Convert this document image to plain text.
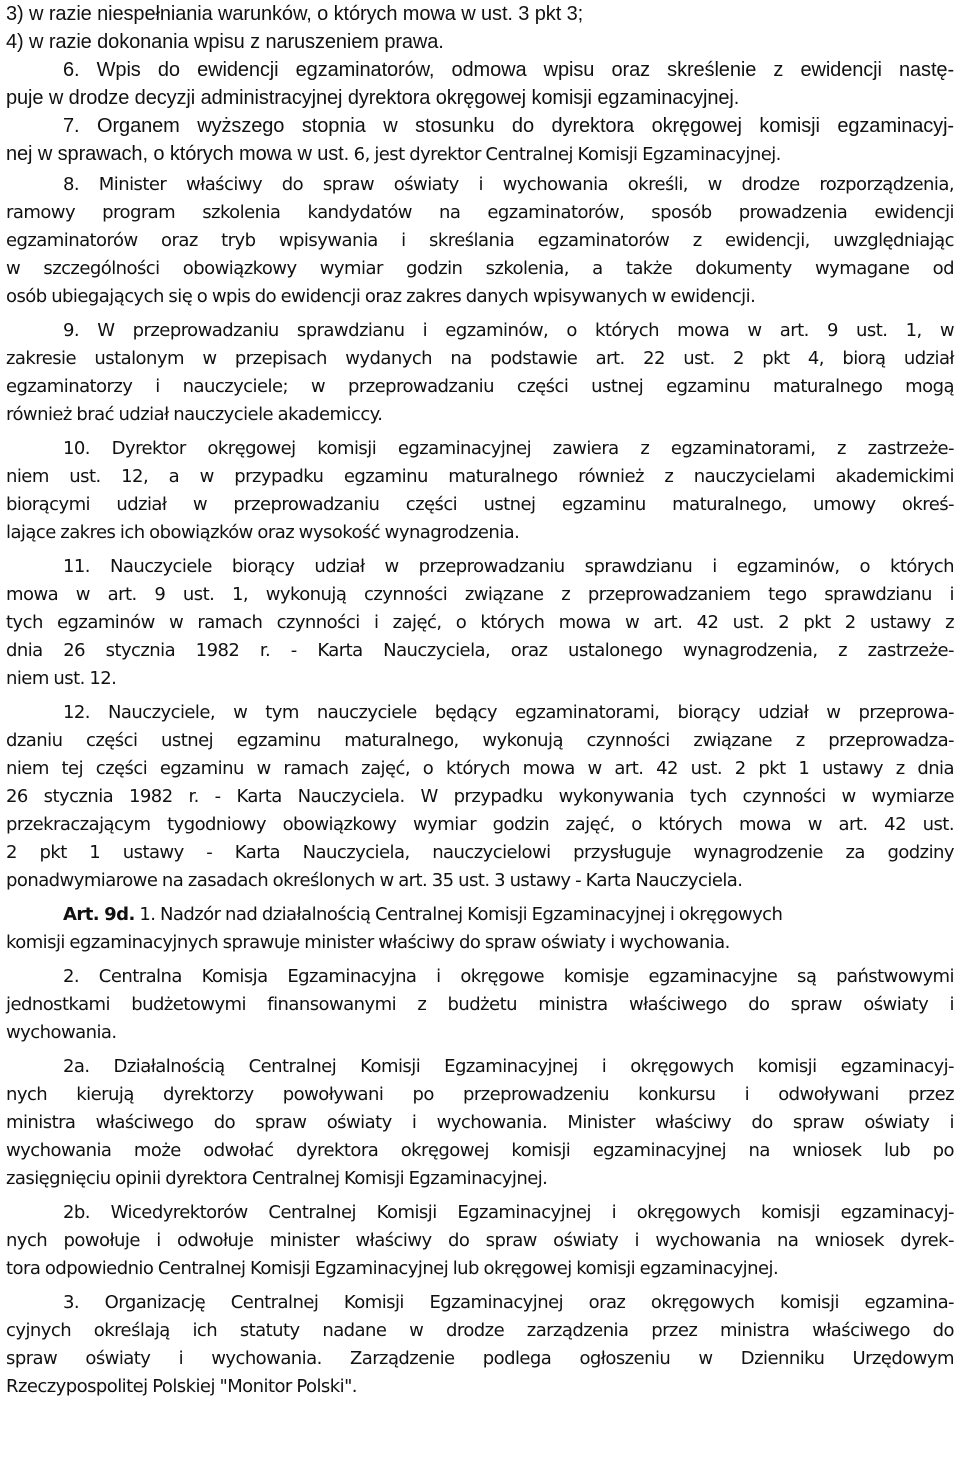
3) w razie niespełniania warunków, o których mowa w ust. 3 pkt 3;
4) w razie dokonania wpisu z naruszeniem prawa.
6. Wpis do ewidencji egzaminatorów, odmowa wpisu oraz skreślenie z ewidencji nastę-
puje w drodze decyzji administracyjnej dyrektora okręgowej komisji egzaminacyjnej.
7. Organem wyższego stopnia w stosunku do dyrektora okręgowej komisji egzaminacyj-
nej w sprawach, o których mowa w ust. 6, jest dyrektor Centralnej Komisji Egzaminacyjnej.
8. Minister właściwy do spraw oświaty i wychowania określi, w drodze rozporządzenia,
ramowy program szkolenia kandydatów na egzaminatorów, sposób prowadzenia ewidencji
egzaminatorów oraz tryb wpisywania i skreślania egzaminatorów z ewidencji, uwzględniając
w szczególności obowiązkowy wymiar godzin szkolenia, a także dokumenty wymagane od
osób ubiegających się o wpis do ewidencji oraz zakres danych wpisywanych w ewidencji.
9. W przeprowadzaniu sprawdzianu i egzaminów, o których mowa w art. 9 ust. 1, w
zakresie ustalonym w przepisach wydanych na podstawie art. 22 ust. 2 pkt 4, biorą udział
egzaminatorzy i nauczyciele; w przeprowadzaniu części ustnej egzaminu maturalnego mogą
również brać udział nauczyciele akademiccy.
10. Dyrektor okręgowej komisji egzaminacyjnej zawiera z egzaminatorami, z zastrzeże-
niem ust. 12, a w przypadku egzaminu maturalnego również z nauczycielami akademickimi
biorącymi udział w przeprowadzaniu części ustnej egzaminu maturalnego, umowy okreś-
lające zakres ich obowiązków oraz wysokość wynagrodzenia.
11. Nauczyciele biorący udział w przeprowadzaniu sprawdzianu i egzaminów, o których
mowa w art. 9 ust. 1, wykonują czynności związane z przeprowadzaniem tego sprawdzianu i
tych egzaminów w ramach czynności i zajęć, o których mowa w art. 42 ust. 2 pkt 2 ustawy z
dnia 26 stycznia 1982 r. - Karta Nauczyciela, oraz ustalonego wynagrodzenia, z zastrzeże-
niem ust. 12.
12. Nauczyciele, w tym nauczyciele będący egzaminatorami, biorący udział w przeprowa-
dzaniu części ustnej egzaminu maturalnego, wykonują czynności związane z przeprowadza-
niem tej części egzaminu w ramach zajęć, o których mowa w art. 42 ust. 2 pkt 1 ustawy z dnia
26 stycznia 1982 r. - Karta Nauczyciela. W przypadku wykonywania tych czynności w wymiarze
przekraczającym tygodniowy obowiązkowy wymiar godzin zajęć, o których mowa w art. 42 ust.
2 pkt 1 ustawy - Karta Nauczyciela, nauczycielowi przysługuje wynagrodzenie za godziny
ponadwymiarowe na zasadach określonych w art. 35 ust. 3 ustawy - Karta Nauczyciela.
Art. 9d. 1. Nadzór nad działalnością Centralnej Komisji Egzaminacyjnej i okręgowych
komisji egzaminacyjnych sprawuje minister właściwy do spraw oświaty i wychowania.
2. Centralna Komisja Egzaminacyjna i okręgowe komisje egzaminacyjne są państwowymi
jednostkami budżetowymi finansowanymi z budżetu ministra właściwego do spraw oświaty i
wychowania.
2a. Działalnością Centralnej Komisji Egzaminacyjnej i okręgowych komisji egzaminacyj-
nych kierują dyrektorzy powoływani po przeprowadzeniu konkursu i odwoływani przez
ministra właściwego do spraw oświaty i wychowania. Minister właściwy do spraw oświaty i
wychowania może odwołać dyrektora okręgowej komisji egzaminacyjnej na wniosek lub po
zasięgnięciu opinii dyrektora Centralnej Komisji Egzaminacyjnej.
2b. Wicedyrektorów Centralnej Komisji Egzaminacyjnej i okręgowych komisji egzaminacyj-
nych powołuje i odwołuje minister właściwy do spraw oświaty i wychowania na wniosek dyrek-
tora odpowiednio Centralnej Komisji Egzaminacyjnej lub okręgowej komisji egzaminacyjnej.
3. Organizację Centralnej Komisji Egzaminacyjnej oraz okręgowych komisji egzamina-
cyjnych określają ich statuty nadane w drodze zarządzenia przez ministra właściwego do
spraw oświaty i wychowania. Zarządzenie podlega ogłoszeniu w Dzienniku Urzędowym
Rzeczypospolitej Polskiej "Monitor Polski".
